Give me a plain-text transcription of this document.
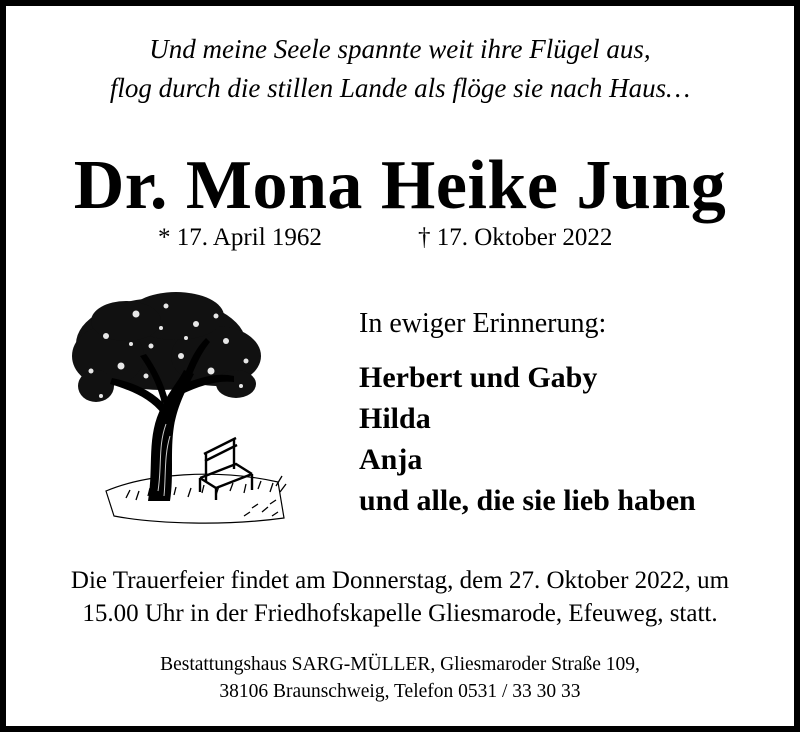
Und meine Seele spannte weit ihre Flügel aus,
flog durch die stillen Lande als flöge sie nach Haus…
Dr. Mona Heike Jung
* 17. April 1962	† 17. Oktober 2022
In ewiger Erinnerung:
Herbert und Gaby
Hilda
Anja
und alle, die sie lieb haben
Die Trauerfeier findet am Donnerstag, dem 27. Oktober 2022, um
15.00 Uhr in der Friedhofskapelle Gliesmarode, Efeuweg, statt.
Bestattungshaus SARG-MÜLLER, Gliesmaroder Straße 109,
38106 Braunschweig, Telefon 0531 / 33 30 33
